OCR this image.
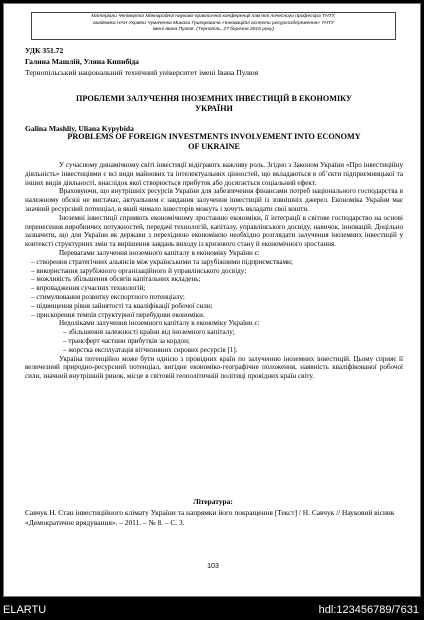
Матеріали Четвертої Міжнародної науково-практичної конференції пам’яті почесного професора ТНТУ,
академіка НАН України Чумаченка Миколи Григоровича «Інноваційні аспекти ресурсозбереження» ТНТУ
імені Івана Пулюя. (Тернопіль, 27 березня 2015 року)
УДК 351.72
Галина Машлій, Уляна Кипибіда
Тернопільський національний технічний університет імені Івана Пулюя
ПРОБЛЕМИ ЗАЛУЧЕННЯ ІНОЗЕМНИХ ІНВЕСТИЦІЙ В ЕКОНОМІКУ УКРАЇНИ
Galina Mashliy, Uliana Kypybida
PROBLEMS OF FOREIGN INVESTMENTS INVOLVEMENT INTO ECONOMY OF UKRAINE

У сучасному динамічному світі інвестиції відіграють важливу роль. Згідно з Законом України «Про інвестиційну діяльність» інвестиціями є всі види майнових та інтелектуальних цінностей, що вкладаються в об’єкти підприємницької та інших видів діяльності, внаслідок якої створюється прибуток або досягається соціальний ефект.

Враховуючи, що внутрішніх ресурсів України для забезпечення фінансами потреб національного господарства в належному обсязі не вистачає, актуальним є завдання залучення інвестицій із зовнішніх джерел. Економіка України має значний ресурсний потенціал, в який чимало інвесторів можуть і хочуть вкладати свої кошти.

Іноземні інвестиції сприяють економічному зростанню економіки, її інтеграції в світове господарство на основі перенесення виробничих потужностей, передачі технологій, капіталу, управлінського досвіду, навичок, інновацій. Доцільно зазначити, що для України як держави з перехідною економікою необхідно розглядати залучення іноземних інвестицій у контексті структурних змін та вирішення завдань виходу із кризового стану й економічного зростання.

Перевагами залучення іноземного капіталу в економіку України є:

– створення стратегічних альянсів між українськими та зарубіжними підприємствами;

– використання зарубіжного організаційного й управлінського досвіду;

– можливість збільшення обсягів капітальних вкладень;

– впровадження сучасних технологій;

– стимулювання розвитку експортного потенціалу;

– підвищення рівня зайнятості та кваліфікації робочої сили;

– прискорення темпів структурної перебудови економіки.

Недоліками залучення іноземного капіталу в економіку України є:

– збільшення залежності країни від іноземного капіталу;

– трансферт частини прибутків за кордон;

– жорстка експлуатація вітчизняних сирових ресурсів [1].

Україна потенційно може бути однією з провідних країн по залученню іноземних інвестицій. Цьому сприяє її величезний природно-ресурсний потенціал, вигідне економіко-географічне положення, наявність кваліфікованої робочої сили, значний внутрішній ринок, місце в світовій геополітичній політиці провідних країн світу.

Література:
Савчук Н. Стан інвестиційного клімату України та напрямки його покращення [Текст] / Н. Савчук // Науковий вісник «Демократичне врядування». – 2011. – № 8. – С. 3.
103
ELARTU	hdl:123456789/7631
